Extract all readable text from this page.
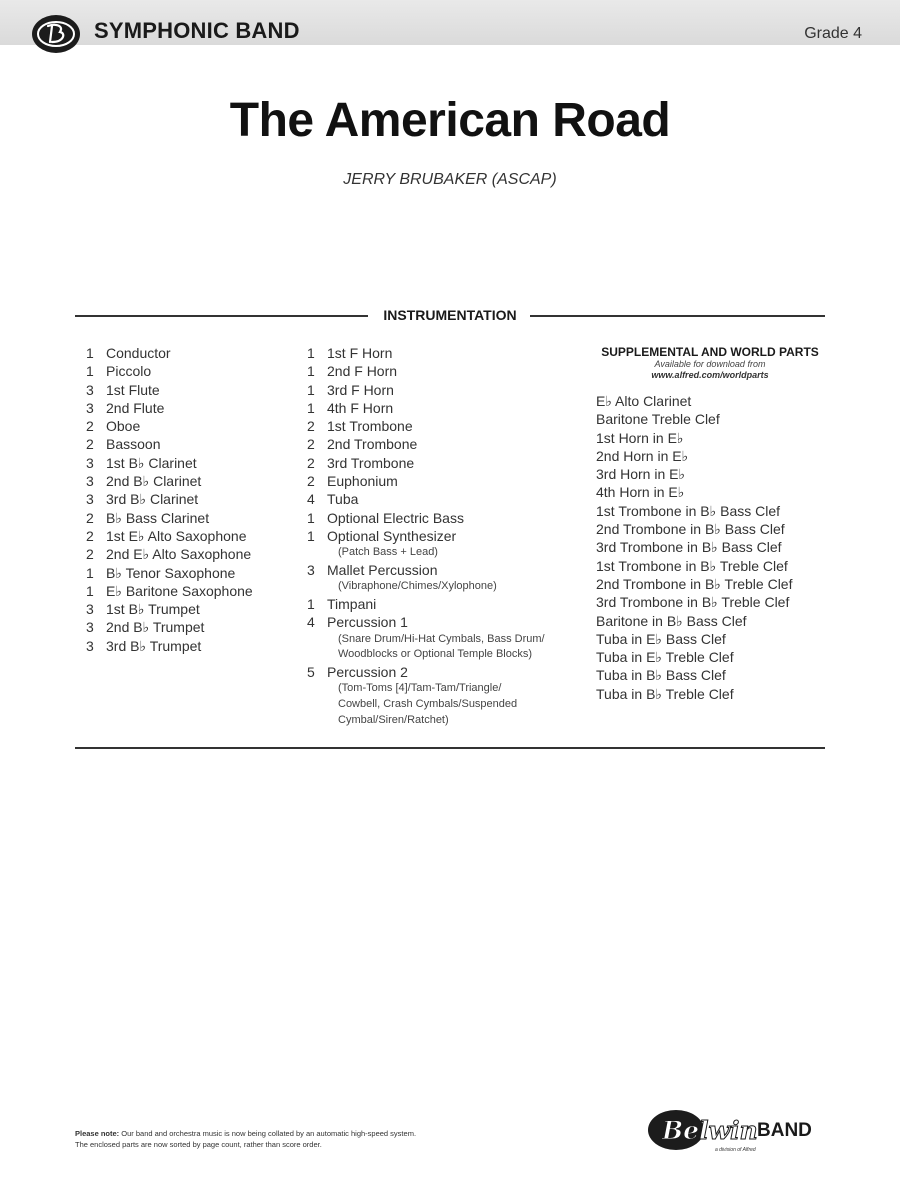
SYMPHONIC BAND	Grade 4
The American Road
JERRY BRUBAKER (ASCAP)
INSTRUMENTATION
1 Conductor
1 Piccolo
3 1st Flute
3 2nd Flute
2 Oboe
2 Bassoon
3 1st B♭ Clarinet
3 2nd B♭ Clarinet
3 3rd B♭ Clarinet
2 B♭ Bass Clarinet
2 1st E♭ Alto Saxophone
2 2nd E♭ Alto Saxophone
1 B♭ Tenor Saxophone
1 E♭ Baritone Saxophone
3 1st B♭ Trumpet
3 2nd B♭ Trumpet
3 3rd B♭ Trumpet
1 1st F Horn
1 2nd F Horn
1 3rd F Horn
1 4th F Horn
2 1st Trombone
2 2nd Trombone
2 3rd Trombone
2 Euphonium
4 Tuba
1 Optional Electric Bass
1 Optional Synthesizer
(Patch Bass + Lead)
3 Mallet Percussion
(Vibraphone/Chimes/Xylophone)
1 Timpani
4 Percussion 1
(Snare Drum/Hi-Hat Cymbals, Bass Drum/
Woodblocks or Optional Temple Blocks)
5 Percussion 2
(Tom-Toms [4]/Tam-Tam/Triangle/
Cowbell, Crash Cymbals/Suspended
Cymbal/Siren/Ratchet)
SUPPLEMENTAL AND WORLD PARTS
Available for download from
www.alfred.com/worldparts
E♭ Alto Clarinet
Baritone Treble Clef
1st Horn in E♭
2nd Horn in E♭
3rd Horn in E♭
4th Horn in E♭
1st Trombone in B♭ Bass Clef
2nd Trombone in B♭ Bass Clef
3rd Trombone in B♭ Bass Clef
1st Trombone in B♭ Treble Clef
2nd Trombone in B♭ Treble Clef
3rd Trombone in B♭ Treble Clef
Baritone in B♭ Bass Clef
Tuba in E♭ Bass Clef
Tuba in E♭ Treble Clef
Tuba in B♭ Bass Clef
Tuba in B♭ Treble Clef
Please note: Our band and orchestra music is now being collated by an automatic high-speed system.
The enclosed parts are now sorted by page count, rather than score order.	Belwin BAND
a division of Alfred
